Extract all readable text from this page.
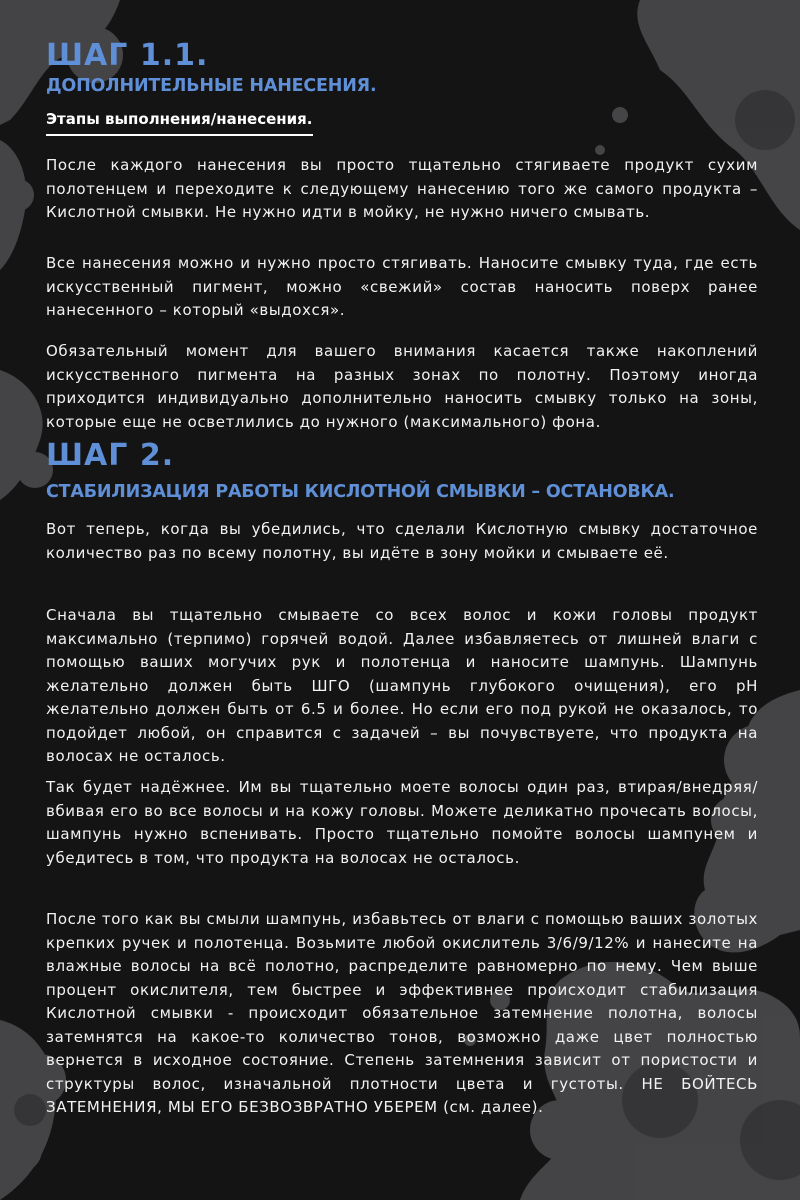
ШАГ 1.1.
ДОПОЛНИТЕЛЬНЫЕ НАНЕСЕНИЯ.
Этапы выполнения/нанесения.

После каждого нанесения вы просто тщательно стягиваете продукт сухим полотенцем и переходите к следующему нанесению того же самого продукта – Кислотной смывки. Не нужно идти в мойку, не нужно ничего смывать.

Все нанесения можно и нужно просто стягивать. Наносите смывку туда, где есть искусственный пигмент, можно «свежий» состав наносить поверх ранее нанесенного – который «выдохся».

Обязательный момент для вашего внимания касается также накоплений искусственного пигмента на разных зонах по полотну. Поэтому иногда приходится индивидуально дополнительно наносить смывку только на зоны, которые еще не осветлились до нужного (максимального) фона.

ШАГ 2.
СТАБИЛИЗАЦИЯ РАБОТЫ КИСЛОТНОЙ СМЫВКИ – ОСТАНОВКА.

Вот теперь, когда вы убедились, что сделали Кислотную смывку достаточное количество раз по всему полотну, вы идёте в зону мойки и смываете её.

Сначала вы тщательно смываете со всех волос и кожи головы продукт максимально (терпимо) горячей водой. Далее избавляетесь от лишней влаги с помощью ваших могучих рук и полотенца и наносите шампунь. Шампунь желательно должен быть ШГО (шампунь глубокого очищения), его pH желательно должен быть от 6.5 и более. Но если его под рукой не оказалось, то подойдет любой, он справится с задачей – вы почувствуете, что продукта на волосах не осталось.

Так будет надёжнее. Им вы тщательно моете волосы один раз, втирая/внедряя/вбивая его во все волосы и на кожу головы. Можете деликатно прочесать волосы, шампунь нужно вспенивать. Просто тщательно помойте волосы шампунем и убедитесь в том, что продукта на волосах не осталось.

После того как вы смыли шампунь, избавьтесь от влаги с помощью ваших золотых крепких ручек и полотенца. Возьмите любой окислитель 3/6/9/12% и нанесите на влажные волосы на всё полотно, распределите равномерно по нему. Чем выше процент окислителя, тем быстрее и эффективнее происходит стабилизация Кислотной смывки - происходит обязательное затемнение полотна, волосы затемнятся на какое-то количество тонов, возможно даже цвет полностью вернется в исходное состояние. Степень затемнения зависит от пористости и структуры волос, изначальной плотности цвета и густоты. НЕ БОЙТЕСЬ ЗАТЕМНЕНИЯ, МЫ ЕГО БЕЗВОЗВРАТНО УБЕРЕМ (см. далее).
